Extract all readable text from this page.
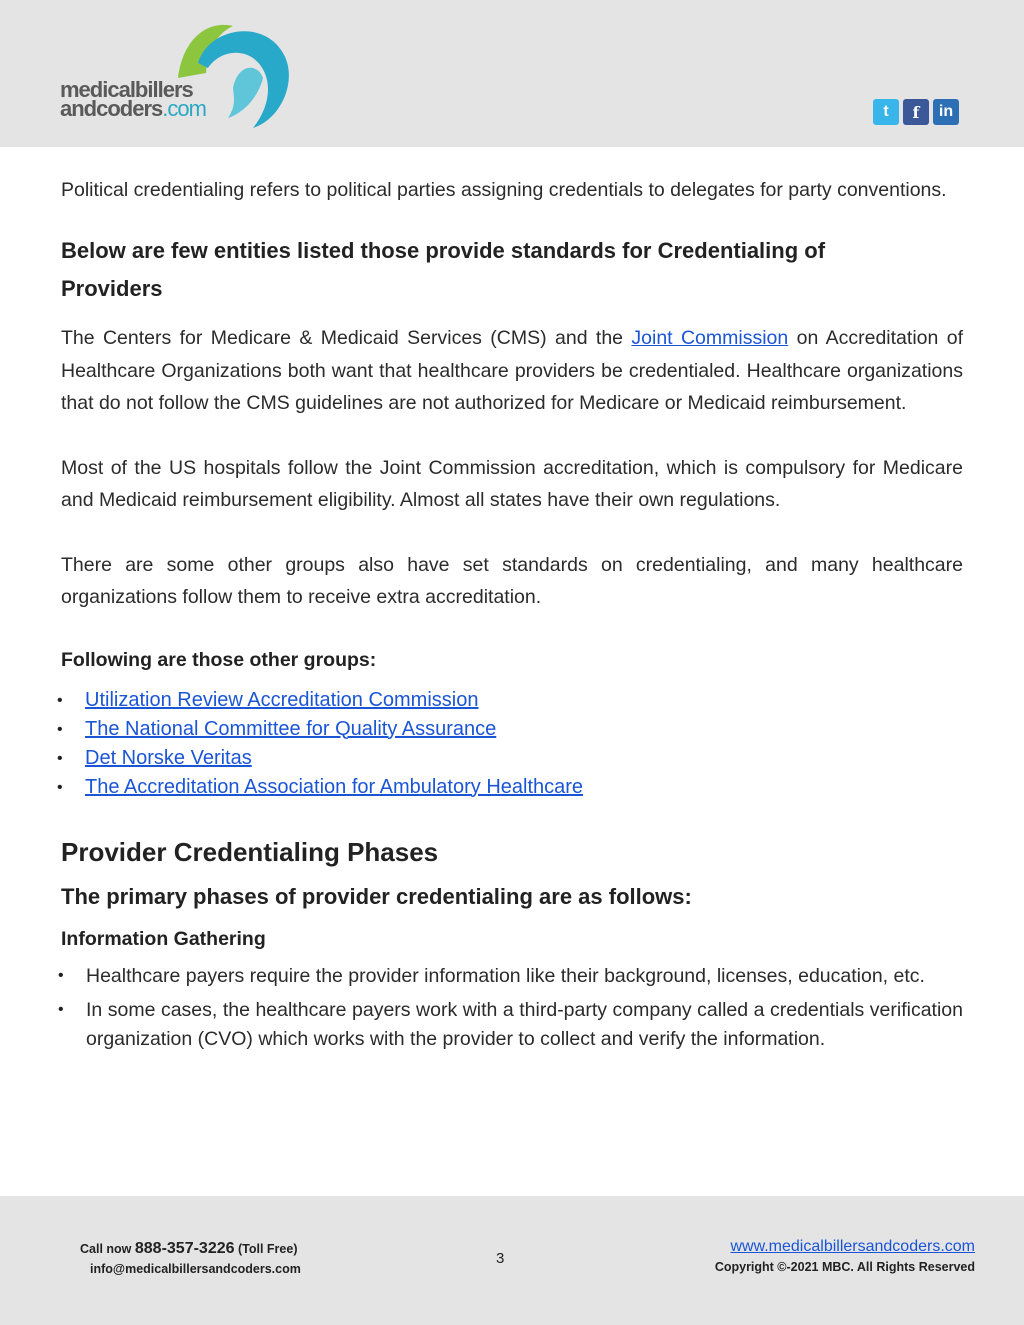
medicalbillers
andcoders.com	t	f	in

Political credentialing refers to political parties assigning credentials to delegates for party conventions.

Below are few entities listed those provide standards for Credentialing of Providers

The Centers for Medicare & Medicaid Services (CMS) and the Joint Commission on Accreditation of Healthcare Organizations both want that healthcare providers be credentialed. Healthcare organizations that do not follow the CMS guidelines are not authorized for Medicare or Medicaid reimbursement.

Most of the US hospitals follow the Joint Commission accreditation, which is compulsory for Medicare and Medicaid reimbursement eligibility. Almost all states have their own regulations.

There are some other groups also have set standards on credentialing, and many healthcare organizations follow them to receive extra accreditation.

Following are those other groups:
• Utilization Review Accreditation Commission
• The National Committee for Quality Assurance
• Det Norske Veritas
• The Accreditation Association for Ambulatory Healthcare
Provider Credentialing Phases
The primary phases of provider credentialing are as follows:
Information Gathering
• Healthcare payers require the provider information like their background, licenses, education, etc.
• In some cases, the healthcare payers work with a third-party company called a credentials verification organization (CVO) which works with the provider to collect and verify the information.
Call now 888-357-3226 (Toll Free)
info@medicalbillersandcoders.com
3
www.medicalbillersandcoders.com
Copyright ©-2021 MBC. All Rights Reserved
